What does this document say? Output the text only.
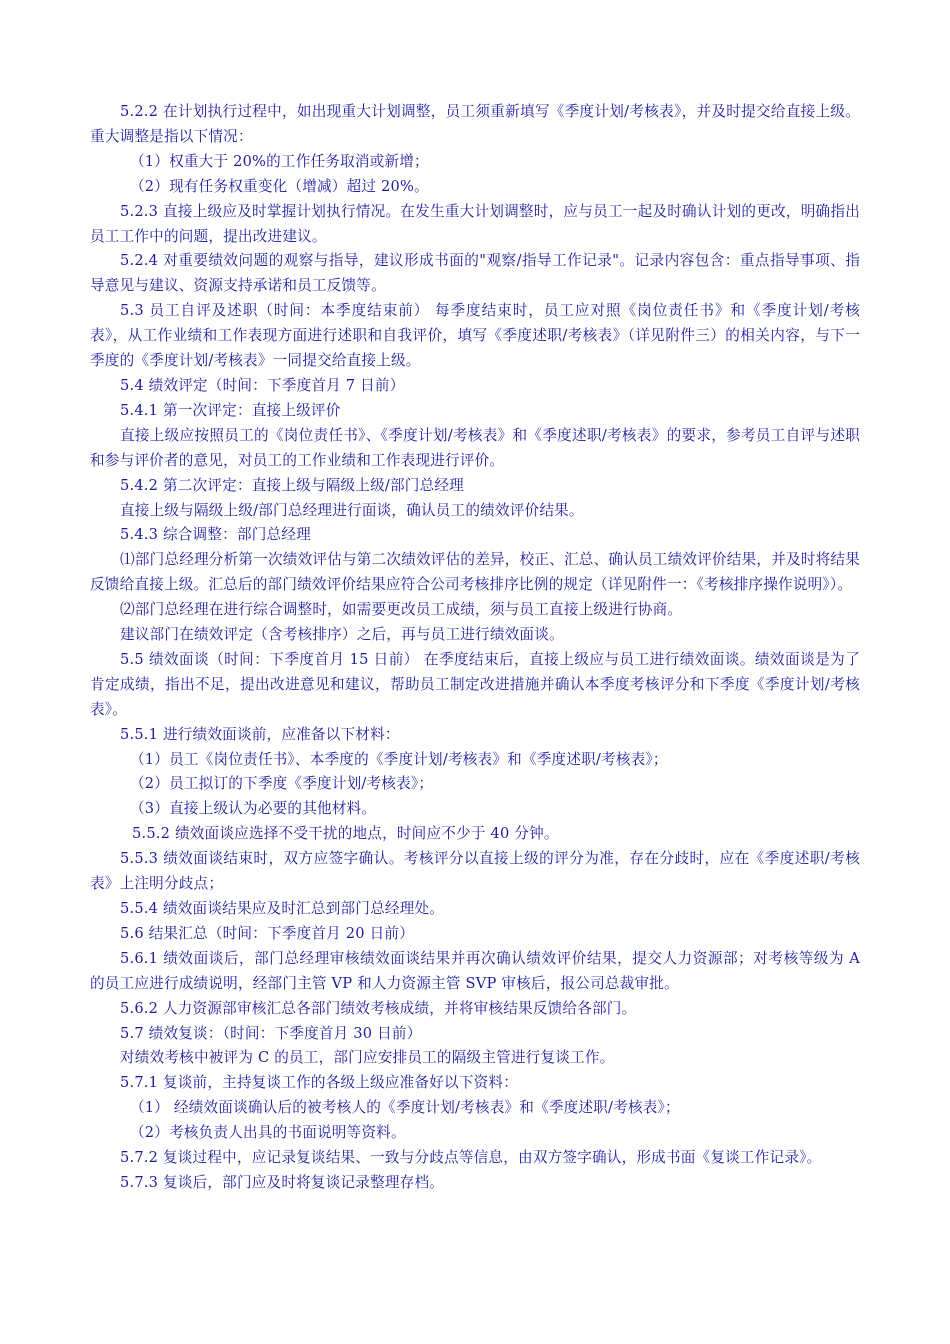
5.2.2 在计划执行过程中，如出现重大计划调整，员工须重新填写《季度计划/考核表》，并及时提交给直接上级。重大调整是指以下情况：

（1）权重大于 20%的工作任务取消或新增；

（2）现有任务权重变化（增减）超过 20%。

5.2.3 直接上级应及时掌握计划执行情况。在发生重大计划调整时，应与员工一起及时确认计划的更改，明确指出员工工作中的问题，提出改进建议。

5.2.4 对重要绩效问题的观察与指导，建议形成书面的"观察/指导工作记录"。记录内容包含：重点指导事项、指导意见与建议、资源支持承诺和员工反馈等。

5.3 员工自评及述职（时间：本季度结束前） 每季度结束时，员工应对照《岗位责任书》和《季度计划/考核表》，从工作业绩和工作表现方面进行述职和自我评价，填写《季度述职/考核表》（详见附件三）的相关内容，与下一季度的《季度计划/考核表》一同提交给直接上级。

5.4 绩效评定（时间：下季度首月 7 日前）

5.4.1 第一次评定：直接上级评价

直接上级应按照员工的《岗位责任书》、《季度计划/考核表》和《季度述职/考核表》的要求，参考员工自评与述职和参与评价者的意见，对员工的工作业绩和工作表现进行评价。

5.4.2 第二次评定：直接上级与隔级上级/部门总经理

直接上级与隔级上级/部门总经理进行面谈，确认员工的绩效评价结果。

5.4.3 综合调整：部门总经理

⑴部门总经理分析第一次绩效评估与第二次绩效评估的差异，校正、汇总、确认员工绩效评价结果，并及时将结果反馈给直接上级。汇总后的部门绩效评价结果应符合公司考核排序比例的规定（详见附件一：《考核排序操作说明》）。

⑵部门总经理在进行综合调整时，如需要更改员工成绩，须与员工直接上级进行协商。

建议部门在绩效评定（含考核排序）之后，再与员工进行绩效面谈。

5.5 绩效面谈（时间：下季度首月 15 日前） 在季度结束后，直接上级应与员工进行绩效面谈。绩效面谈是为了肯定成绩，指出不足，提出改进意见和建议，帮助员工制定改进措施并确认本季度考核评分和下季度《季度计划/考核表》。

5.5.1 进行绩效面谈前，应准备以下材料：

（1）员工《岗位责任书》、本季度的《季度计划/考核表》和《季度述职/考核表》；

（2）员工拟订的下季度《季度计划/考核表》；

（3）直接上级认为必要的其他材料。

5.5.2 绩效面谈应选择不受干扰的地点，时间应不少于 40 分钟。

5.5.3 绩效面谈结束时，双方应签字确认。考核评分以直接上级的评分为准，存在分歧时，应在《季度述职/考核表》上注明分歧点；

5.5.4 绩效面谈结果应及时汇总到部门总经理处。

5.6 结果汇总（时间：下季度首月 20 日前）

5.6.1 绩效面谈后，部门总经理审核绩效面谈结果并再次确认绩效评价结果，提交人力资源部；对考核等级为 A 的员工应进行成绩说明，经部门主管 VP 和人力资源主管 SVP 审核后，报公司总裁审批。

5.6.2 人力资源部审核汇总各部门绩效考核成绩，并将审核结果反馈给各部门。

5.7 绩效复谈：（时间：下季度首月 30 日前）

对绩效考核中被评为 C 的员工，部门应安排员工的隔级主管进行复谈工作。

5.7.1 复谈前，主持复谈工作的各级上级应准备好以下资料：

（1） 经绩效面谈确认后的被考核人的《季度计划/考核表》和《季度述职/考核表》；

（2）考核负责人出具的书面说明等资料。

5.7.2 复谈过程中，应记录复谈结果、一致与分歧点等信息，由双方签字确认，形成书面《复谈工作记录》。

5.7.3 复谈后，部门应及时将复谈记录整理存档。
